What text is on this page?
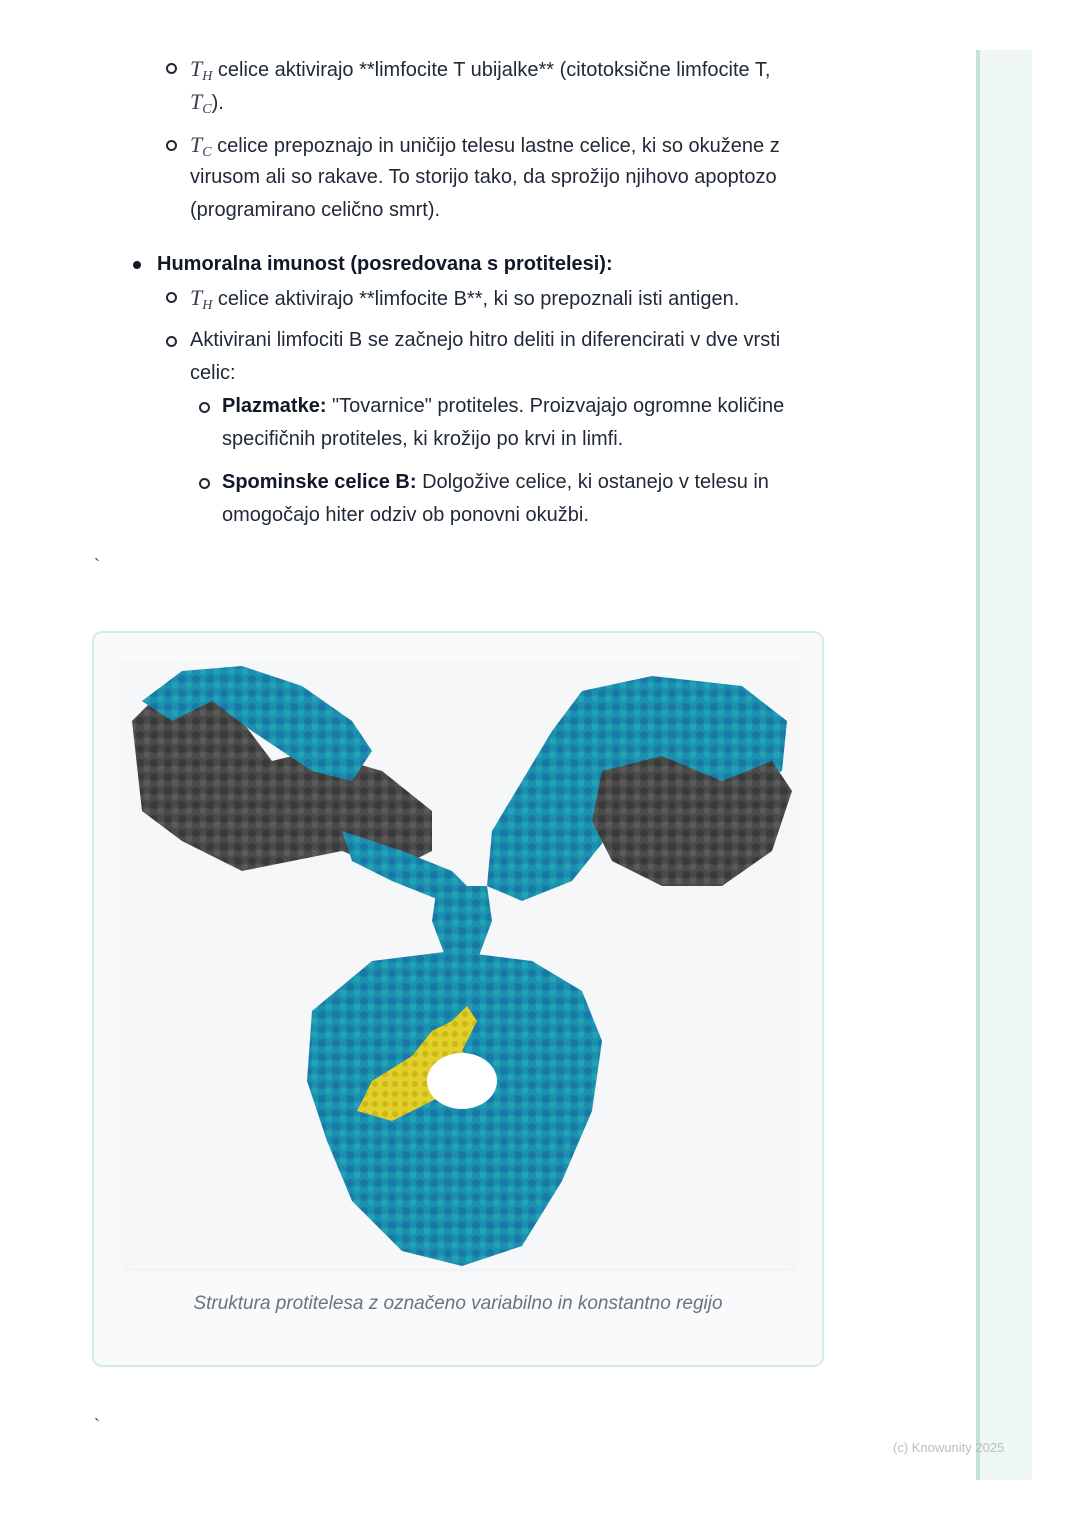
$T_H$ celice aktivirajo **limfocite T ubijalke** (citotoksične limfocite T,

$T_C$).

$T_C$ celice prepoznajo in uničijo telesu lastne celice, ki so okužene z

virusom ali so rakave. To storijo tako, da sprožijo njihovo apoptozo

(programirano celično smrt).

Humoralna imunost (posredovana s protitelesi):

$T_H$ celice aktivirajo **limfocite B**, ki so prepoznali isti antigen.

Aktivirani limfociti B se začnejo hitro deliti in diferencirati v dve vrsti

celic:

Plazmatke: "Tovarnice" protiteles. Proizvajajo ogromne količine

specifičnih protiteles, ki krožijo po krvi in limfi.

Spominske celice B: Dolgožive celice, ki ostanejo v telesu in

omogočajo hiter odziv ob ponovni okužbi.

`
Struktura protitelesa z označeno variabilno in konstantno regijo
`
(c) Knowunity 2025
